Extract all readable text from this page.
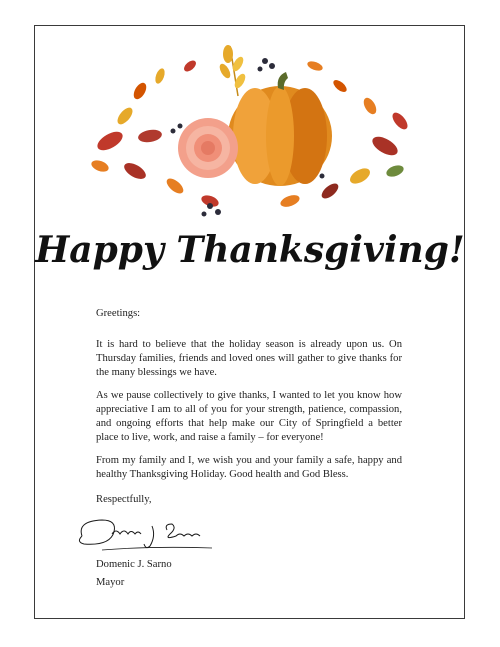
Happy Thanksgiving!
Greetings:

It is hard to believe that the holiday season is already upon us. On Thursday families, friends and loved ones will gather to give thanks for the many blessings we have.

As we pause collectively to give thanks, I wanted to let you know how appreciative I am to all of you for your strength, patience, compassion, and ongoing efforts that help make our City of Springfield a better place to live, work, and raise a family – for everyone!

From my family and I, we wish you and your family a safe, happy and healthy Thanksgiving Holiday. Good health and God Bless.

Respectfully,
Domenic J. Sarno
Mayor
